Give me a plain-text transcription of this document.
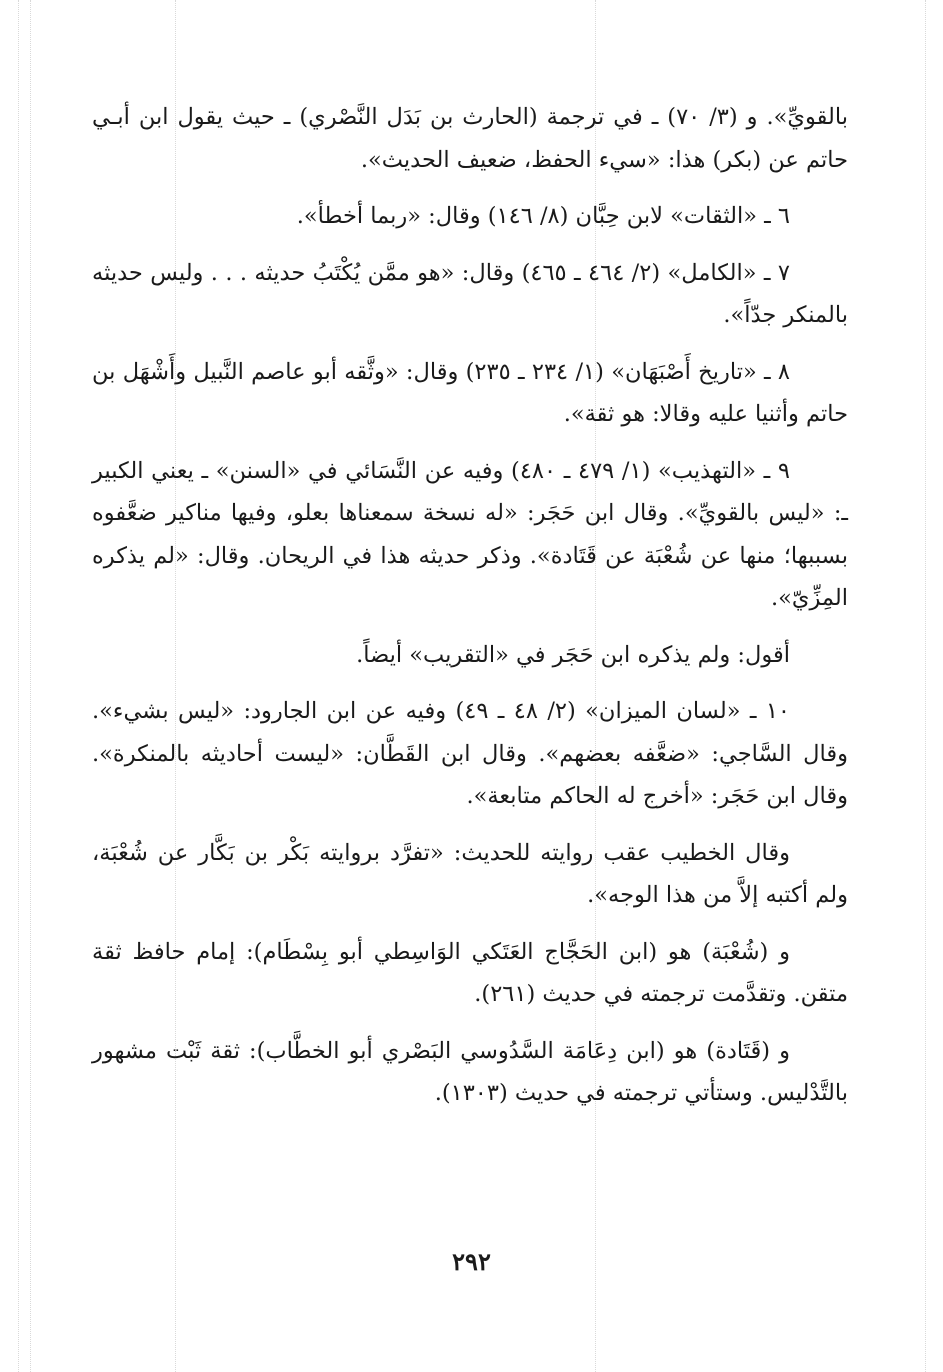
بالقويِّ». و (٣/ ٧٠) ـ في ترجمة (الحارث بن بَدَل النَّصْري) ـ حيث يقول ابن أبـي حاتم عن (بكر) هذا: «سيء الحفظ، ضعيف الحديث».

٦ ـ «الثقات» لابن حِبَّان (٨/ ١٤٦) وقال: «ربما أخطأ».

٧ ـ «الكامل» (٢/ ٤٦٤ ـ ٤٦٥) وقال: «هو ممَّن يُكْتَبُ حديثه . . . وليس حديثه بالمنكر جدّاً».

٨ ـ «تاريخ أَصْبَهَان» (١/ ٢٣٤ ـ ٢٣٥) وقال: «وثَّقه أبو عاصم النَّبيل وأَشْهَل بن حاتم وأثنيا عليه وقالا: هو ثقة».

٩ ـ «التهذيب» (١/ ٤٧٩ ـ ٤٨٠) وفيه عن النَّسَائي في «السنن» ـ يعني الكبير ـ: «ليس بالقويِّ». وقال ابن حَجَر: «له نسخة سمعناها بعلو، وفيها مناكير ضعَّفوه بسببها؛ منها عن شُعْبَة عن قَتَادة». وذكر حديثه هذا في الريحان. وقال: «لم يذكره المِزِّيّ».

أقول: ولم يذكره ابن حَجَر في «التقريب» أيضاً.

١٠ ـ «لسان الميزان» (٢/ ٤٨ ـ ٤٩) وفيه عن ابن الجارود: «ليس بشيء». وقال السَّاجي: «ضعَّفه بعضهم». وقال ابن القَطَّان: «ليست أحاديثه بالمنكرة». وقال ابن حَجَر: «أخرج له الحاكم متابعة».

وقال الخطيب عقب روايته للحديث: «تفرَّد بروايته بَكْر بن بَكَّار عن شُعْبَة، ولم أكتبه إلاَّ من هذا الوجه».

و (شُعْبَة) هو (ابن الحَجَّاج العَتَكي الوَاسِطي أبو بِسْطَام): إمام حافظ ثقة متقن. وتقدَّمت ترجمته في حديث (٢٦١).

و (قَتَادة) هو (ابن دِعَامَة السَّدُوسي البَصْري أبو الخطَّاب): ثقة ثَبْت مشهور بالتَّدْليس. وستأتي ترجمته في حديث (١٣٠٣).

٢٩٢
